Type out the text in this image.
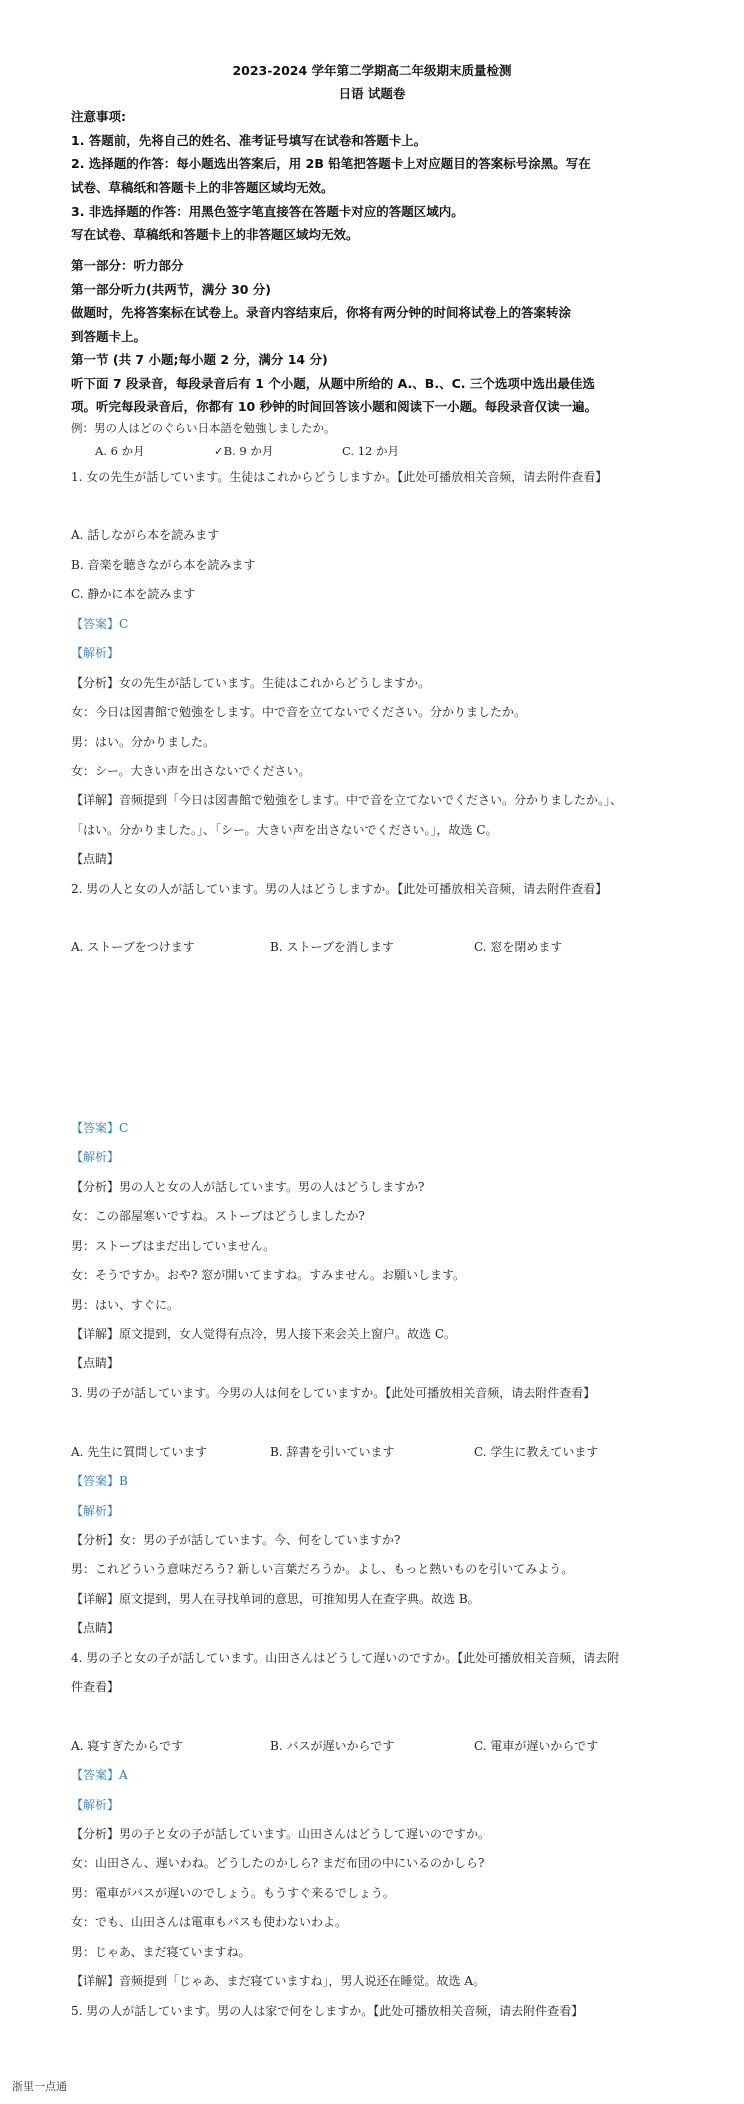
2023-2024 学年第二学期高二年级期末质量检测
日语 试题卷
注意事项:
1. 答题前，先将自己的姓名、准考证号填写在试卷和答题卡上。
2. 选择题的作答：每小题选出答案后，用 2B 铅笔把答题卡上对应题目的答案标号涂黑。写在
试卷、草稿纸和答题卡上的非答题区域均无效。
3. 非选择题的作答：用黑色签字笔直接答在答题卡对应的答题区域内。
写在试卷、草稿纸和答题卡上的非答题区域均无效。
第一部分：听力部分
第一部分听力(共两节，满分 30 分)
做题时，先将答案标在试卷上。录音内容结束后，你将有两分钟的时间将试卷上的答案转涂
到答题卡上。
第一节 (共 7 小题;每小题 2 分，满分 14 分)
听下面 7 段录音，每段录音后有 1 个小题，从题中所给的 A.、B.、C. 三个选项中选出最佳选
项。听完每段录音后，你都有 10 秒钟的时间回答该小题和阅读下一小题。每段录音仅读一遍。
例：男の人はどのぐらい日本語を勉強しましたか。
A. 6 か月	✓B. 9 か月	C. 12 か月
1. 女の先生が話しています。生徒はこれからどうしますか。【此处可播放相关音频，请去附件查看】
A. 話しながら本を読みます
B. 音楽を聴きながら本を読みます
C. 静かに本を読みます
【答案】C
【解析】
【分析】女の先生が話しています。生徒はこれからどうしますか。
女：今日は図書館で勉強をします。中で音を立てないでください。分かりましたか。
男：はい。分かりました。
女：シー。大きい声を出さないでください。
【详解】音频提到「今日は図書館で勉強をします。中で音を立てないでください。分かりましたか。」、
「はい。分かりました。」、「シー。大きい声を出さないでください。」，故选 C。
【点睛】
2. 男の人と女の人が話しています。男の人はどうしますか。【此处可播放相关音频，请去附件查看】
A. ストーブをつけます	B. ストーブを消します	C. 窓を閉めます
【答案】C
【解析】
【分析】男の人と女の人が話しています。男の人はどうしますか?
女：この部屋寒いですね。ストーブはどうしましたか?
男：ストーブはまだ出していません。
女：そうですか。おや? 窓が開いてますね。すみません。お願いします。
男：はい、すぐに。
【详解】原文提到，女人觉得有点冷，男人接下来会关上窗户。故选 C。
【点睛】
3. 男の子が話しています。今男の人は何をしていますか。【此处可播放相关音频，请去附件查看】
A. 先生に質問しています	B. 辞書を引いています	C. 学生に教えています
【答案】B
【解析】
【分析】女：男の子が話しています。今、何をしていますか?
男：これどういう意味だろう? 新しい言葉だろうか。よし、もっと熱いものを引いてみよう。
【详解】原文提到，男人在寻找单词的意思，可推知男人在查字典。故选 B。
【点睛】
4. 男の子と女の子が話しています。山田さんはどうして遅いのですか。【此处可播放相关音频，请去附
件查看】
A. 寝すぎたからです	B. バスが遅いからです	C. 電車が遅いからです
【答案】A
【解析】
【分析】男の子と女の子が話しています。山田さんはどうして遅いのですか。
女：山田さん、遅いわね。どうしたのかしら? まだ布団の中にいるのかしら?
男：電車がバスが遅いのでしょう。もうすぐ来るでしょう。
女：でも、山田さんは電車もバスも使わないわよ。
男：じゃあ、まだ寝ていますね。
【详解】音频提到「じゃあ、まだ寝ていますね」，男人说还在睡觉。故选 A。
5. 男の人が話しています。男の人は家で何をしますか。【此处可播放相关音频，请去附件查看】
浙里一点通
